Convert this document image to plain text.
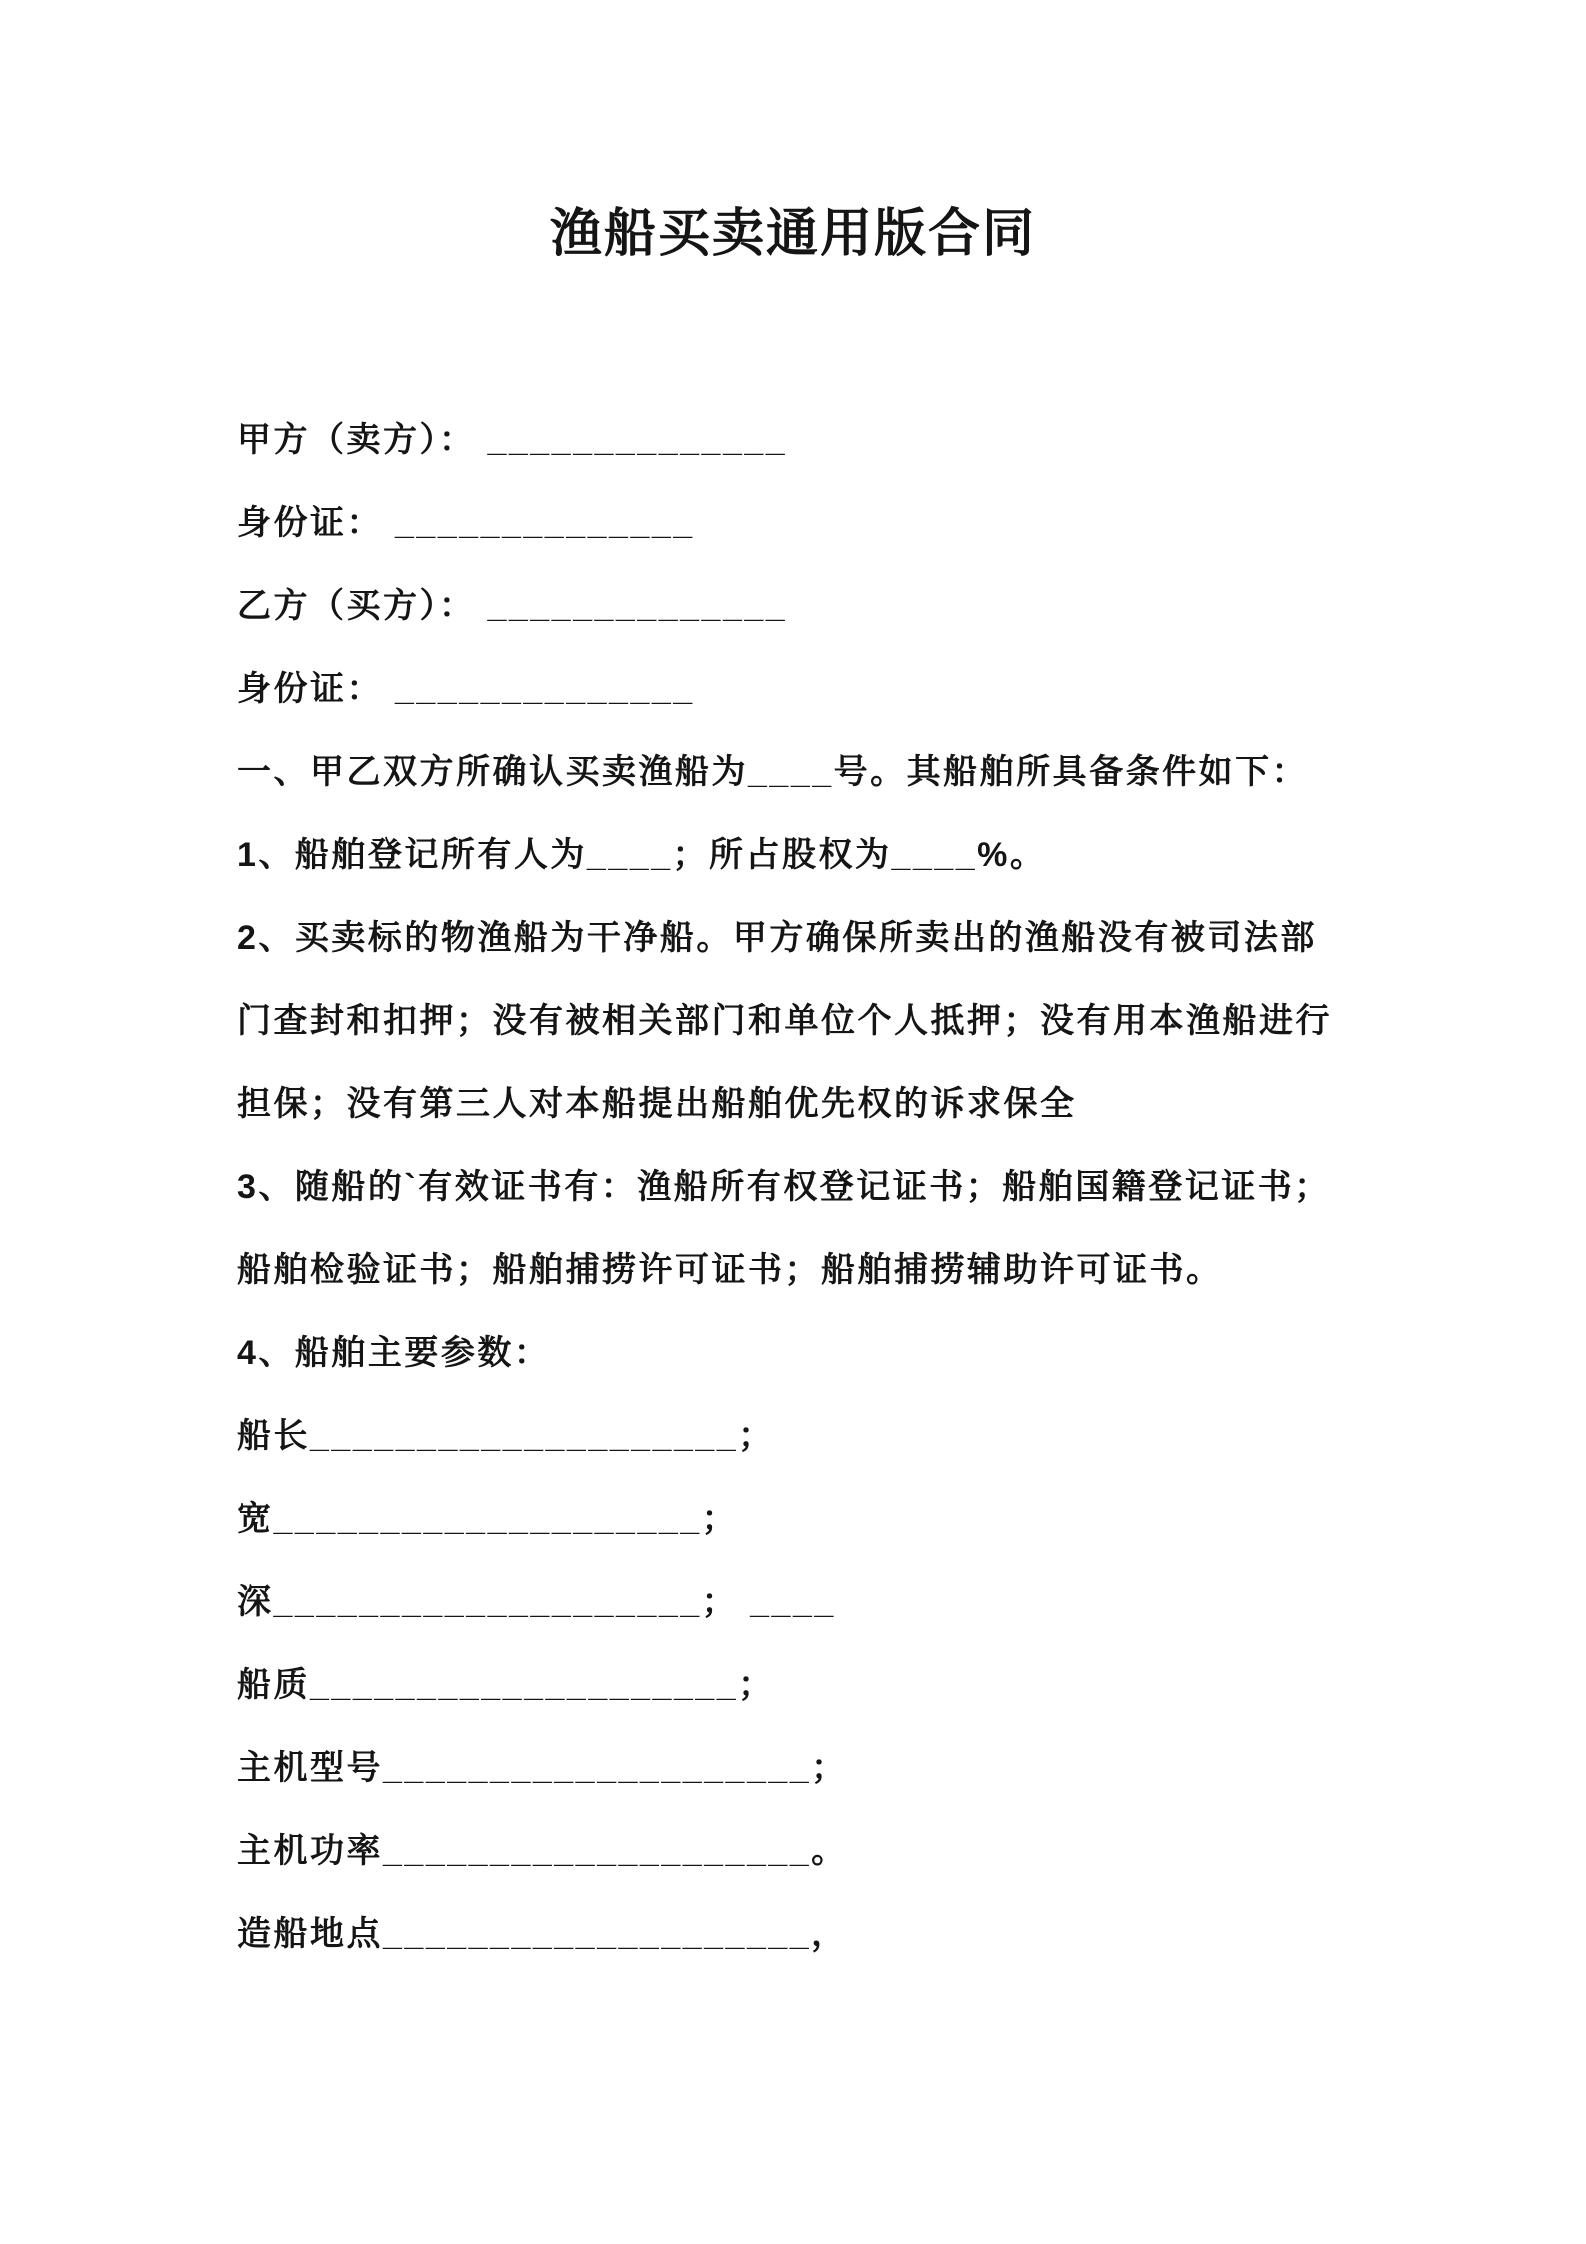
渔船买卖通用版合同
甲方（卖方）： ______________
身份证： ______________
乙方（买方）： ______________
身份证： ______________
一、甲乙双方所确认买卖渔船为____号。其船舶所具备条件如下：
1、船舶登记所有人为____；所占股权为____%。
2、买卖标的物渔船为干净船。甲方确保所卖出的渔船没有被司法部
门查封和扣押；没有被相关部门和单位个人抵押；没有用本渔船进行
担保；没有第三人对本船提出船舶优先权的诉求保全
3、随船的`有效证书有：渔船所有权登记证书；船舶国籍登记证书；
船舶检验证书；船舶捕捞许可证书；船舶捕捞辅助许可证书。
4、船舶主要参数：
船长____________________；
宽____________________；
深____________________； ____
船质____________________；
主机型号____________________；
主机功率____________________。
造船地点____________________，
